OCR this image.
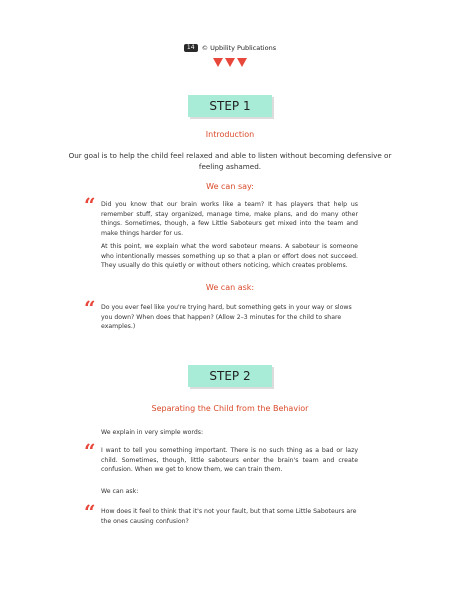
14	© Upbility Publications
STEP 1
Introduction
Our goal is to help the child feel relaxed and able to listen without becoming defensive or feeling ashamed.
We can say:
“ Did you know that our brain works like a team? It has players that help us remember stuff, stay organized, manage time, make plans, and do many other things. Sometimes, though, a few Little Saboteurs get mixed into the team and make things harder for us.
At this point, we explain what the word saboteur means. A saboteur is someone who intentionally messes something up so that a plan or effort does not succeed. They usually do this quietly or without others noticing, which creates problems.
We can ask:
“ Do you ever feel like you're trying hard, but something gets in your way or slows you down? When does that happen? (Allow 2–3 minutes for the child to share examples.)
STEP 2
Separating the Child from the Behavior
We explain in very simple words:
“ I want to tell you something important. There is no such thing as a bad or lazy child. Sometimes, though, little saboteurs enter the brain's team and create confusion. When we get to know them, we can train them.
We can ask:
“ How does it feel to think that it's not your fault, but that some Little Saboteurs are the ones causing confusion?
